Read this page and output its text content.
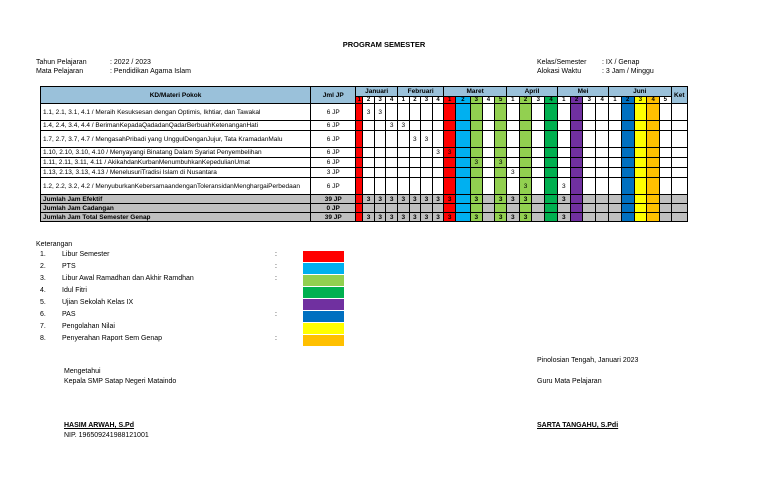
PROGRAM SEMESTER
Tahun Pelajaran	: 2022 / 2023
Mata Pelajaran	: Pendidikan Agama Islam
Kelas/Semester : IX / Genap
Alokasi Waktu	: 3 Jam / Minggu
KD/Materi Pokok	Jml JP	Januari				Februari				Maret					April				Mei				Juni					Ket
		1	2	3	4	1	2	3	4	1	2	3	4	5	1	2	3	4	1	2	3	4	1	2	3	4	5	
1.1, 2.1, 3.1, 4.1 / Meraih Kesuksesan dengan Optimis, Ikhtiar, dan Tawakal	6 JP		3	3																								
1.4, 2.4, 3.4, 4.4 / BerimanKepadaQadadanQadarBerbuahKetenanganHati	6 JP				3	3																						
1.7, 2.7, 3.7, 4.7 / MengasahPribadi yang UnggulDenganJujur, Tata KramadanMalu	6 JP						3	3																				
1.10, 2.10, 3.10, 4.10 / Menyayangi Binatang Dalam Syariat Penyembelihan	6 JP								3	3																		
1.11, 2.11, 3.11, 4.11 / AkikahdanKurbanMenumbuhkanKepedulianUmat	6 JP											3		3														
1.13, 2.13, 3.13, 4.13 / MenelusuriTradisi Islam di Nusantara	3 JP														3													
1.2, 2.2, 3.2, 4.2 / MenyuburkanKebersamaandenganToleransidanMenghargaiPerbedaan	6 JP															3			3									
Jumlah Jam Efektif	39 JP		3	3	3	3	3	3	3	3		3		3	3	3			3									
Jumlah Jam Cadangan	0 JP																											
Jumlah Jam Total Semester Genap	39 JP		3	3	3	3	3	3	3	3		3		3	3	3			3									
Keterangan
1. Libur Semester	:
2. PTS	:
3. Libur Awal Ramadhan dan Akhir Ramdhan	:
4. Idul Fitri
5. Ujian Sekolah Kelas IX
6. PAS	:
7. Pengolahan Nilai
8. Penyerahan Raport Sem Genap	:
Pinolosian Tengah, Januari 2023
Mengetahui
Kepala SMP Satap Negeri Mataindo	Guru Mata Pelajaran
HASIM ARWAH, S.Pd
NIP. 196509241988121001
SARTA TANGAHU, S.Pdi
